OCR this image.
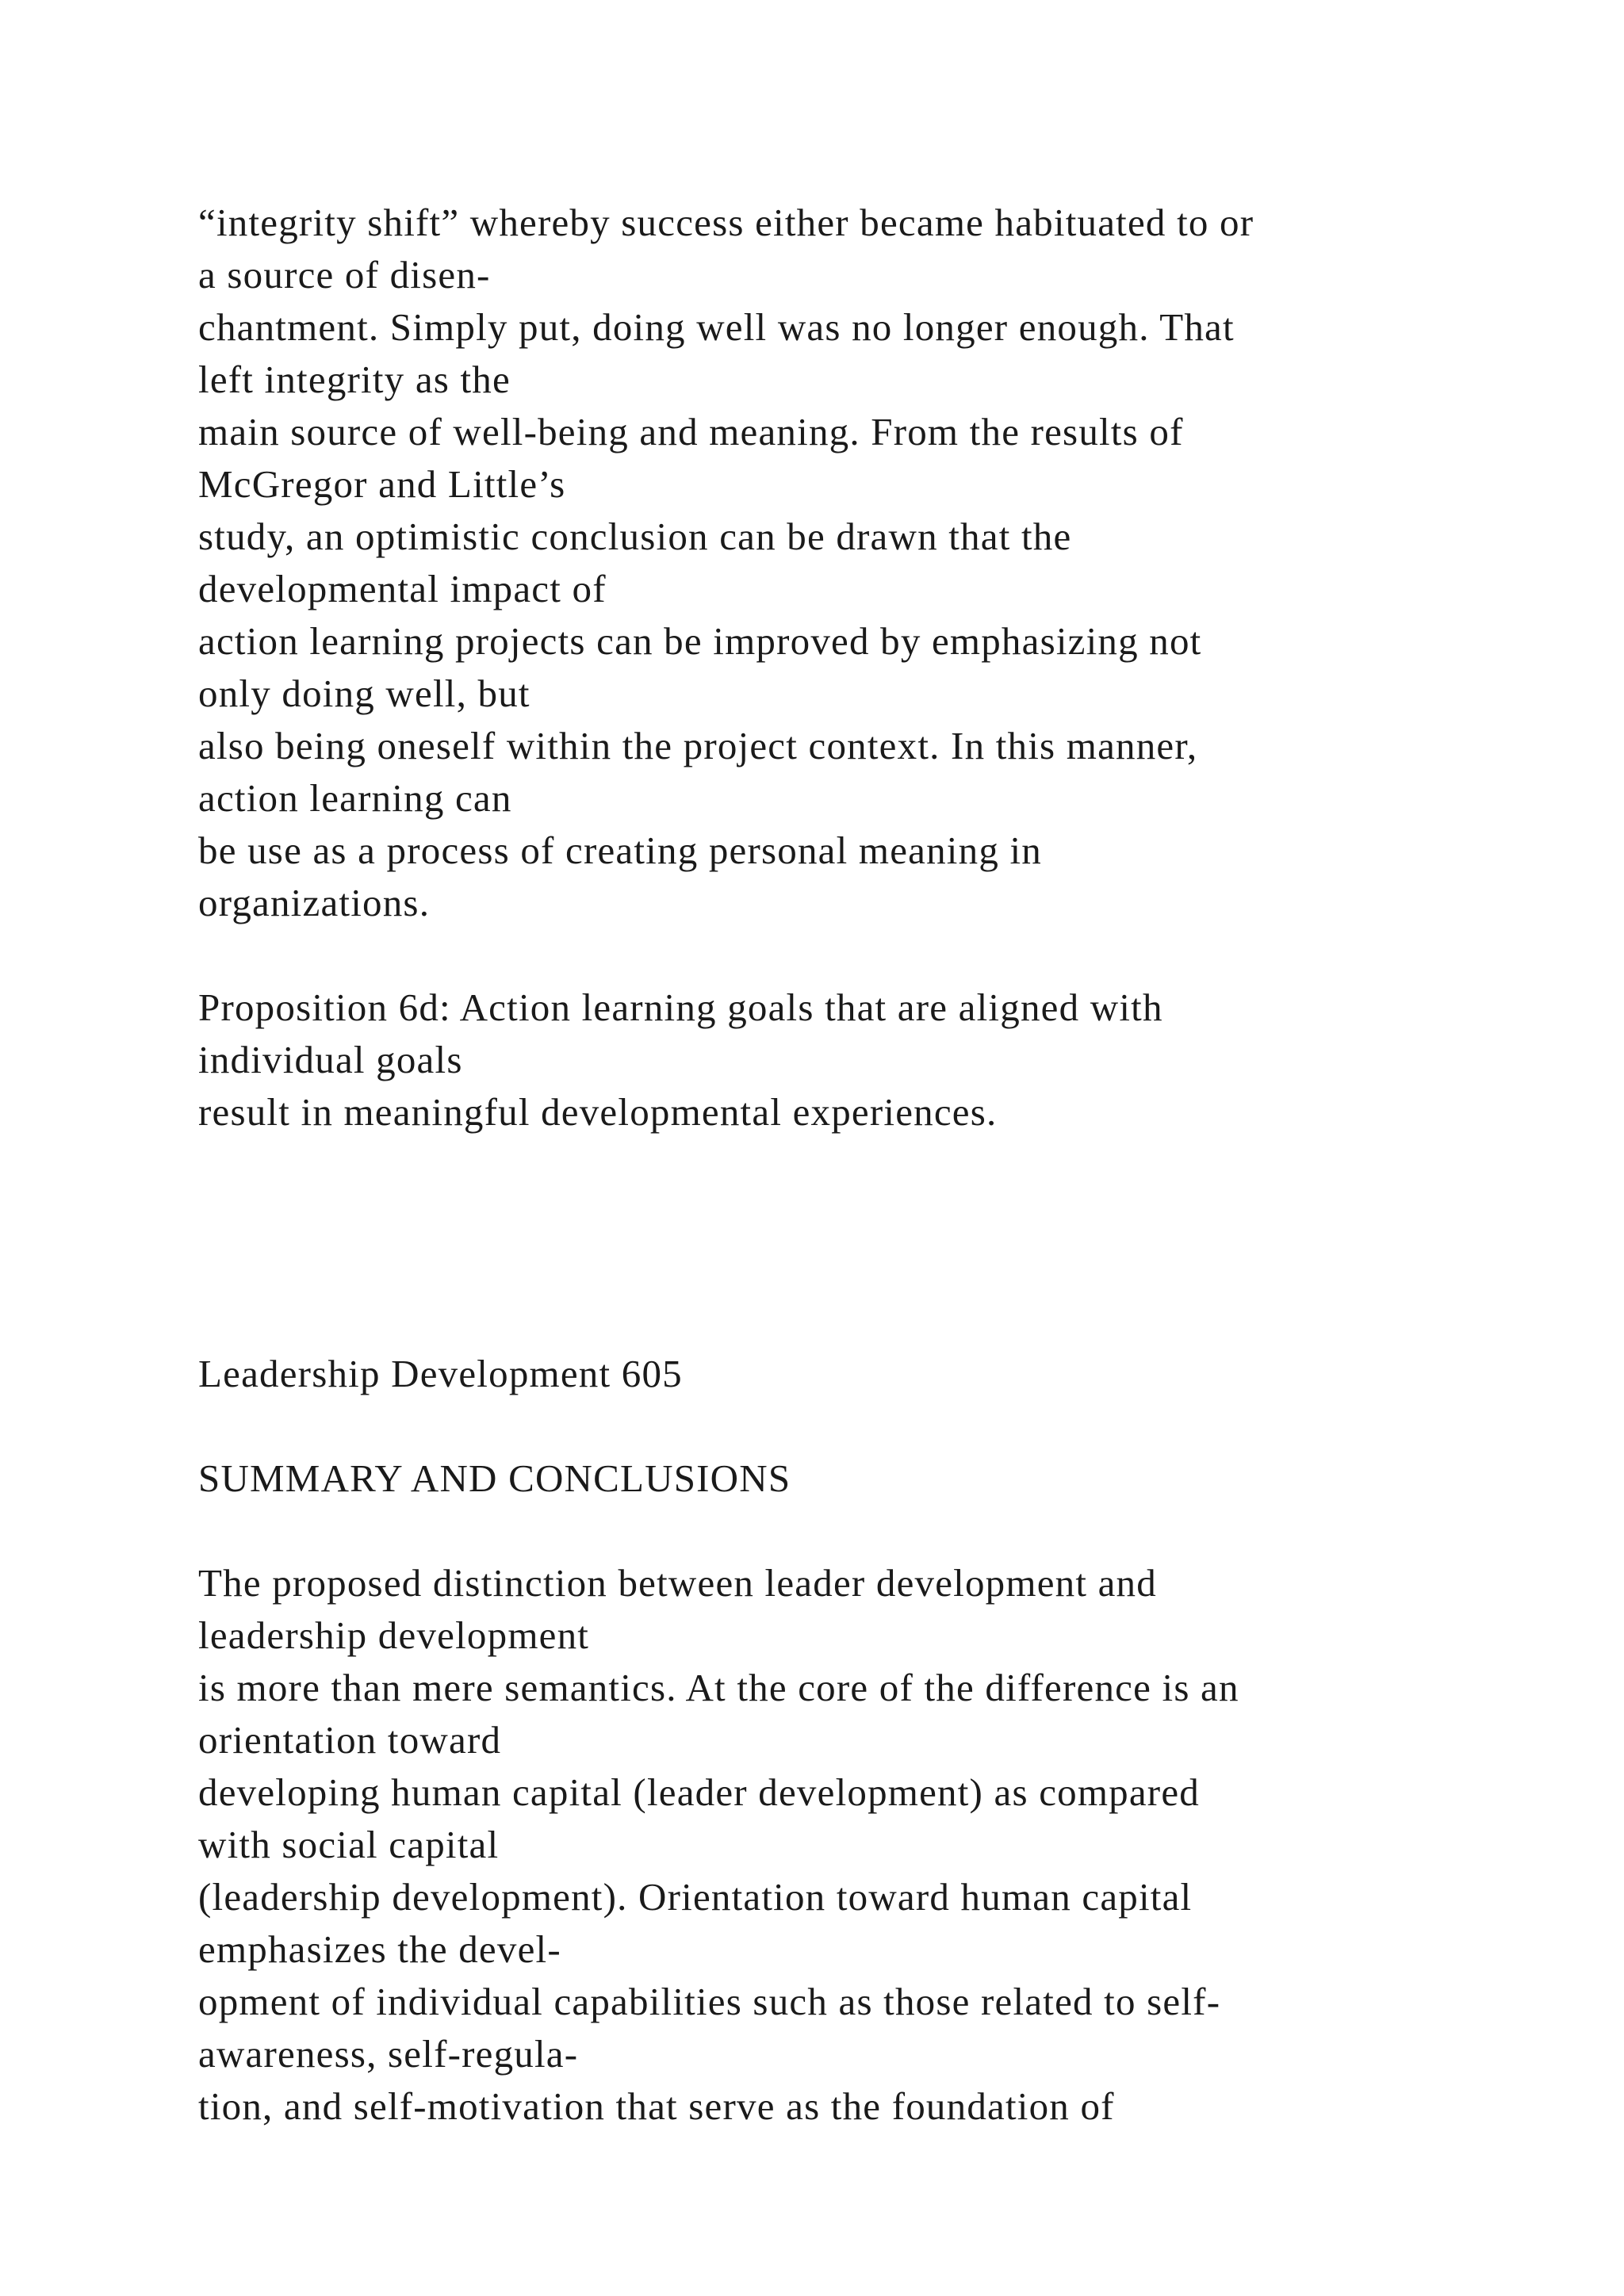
“integrity shift” whereby success either became habituated to or
a source of disen-
chantment. Simply put, doing well was no longer enough. That
left integrity as the
main source of well-being and meaning. From the results of
McGregor and Little’s
study, an optimistic conclusion can be drawn that the
developmental impact of
action learning projects can be improved by emphasizing not
only doing well, but
also being oneself within the project context. In this manner,
action learning can
be use as a process of creating personal meaning in
organizations.
Proposition 6d: Action learning goals that are aligned with
individual goals
result in meaningful developmental experiences.
Leadership Development 605
SUMMARY AND CONCLUSIONS
The proposed distinction between leader development and
leadership development
is more than mere semantics. At the core of the difference is an
orientation toward
developing human capital (leader development) as compared
with social capital
(leadership development). Orientation toward human capital
emphasizes the devel-
opment of individual capabilities such as those related to self-
awareness, self-regula-
tion, and self-motivation that serve as the foundation of
